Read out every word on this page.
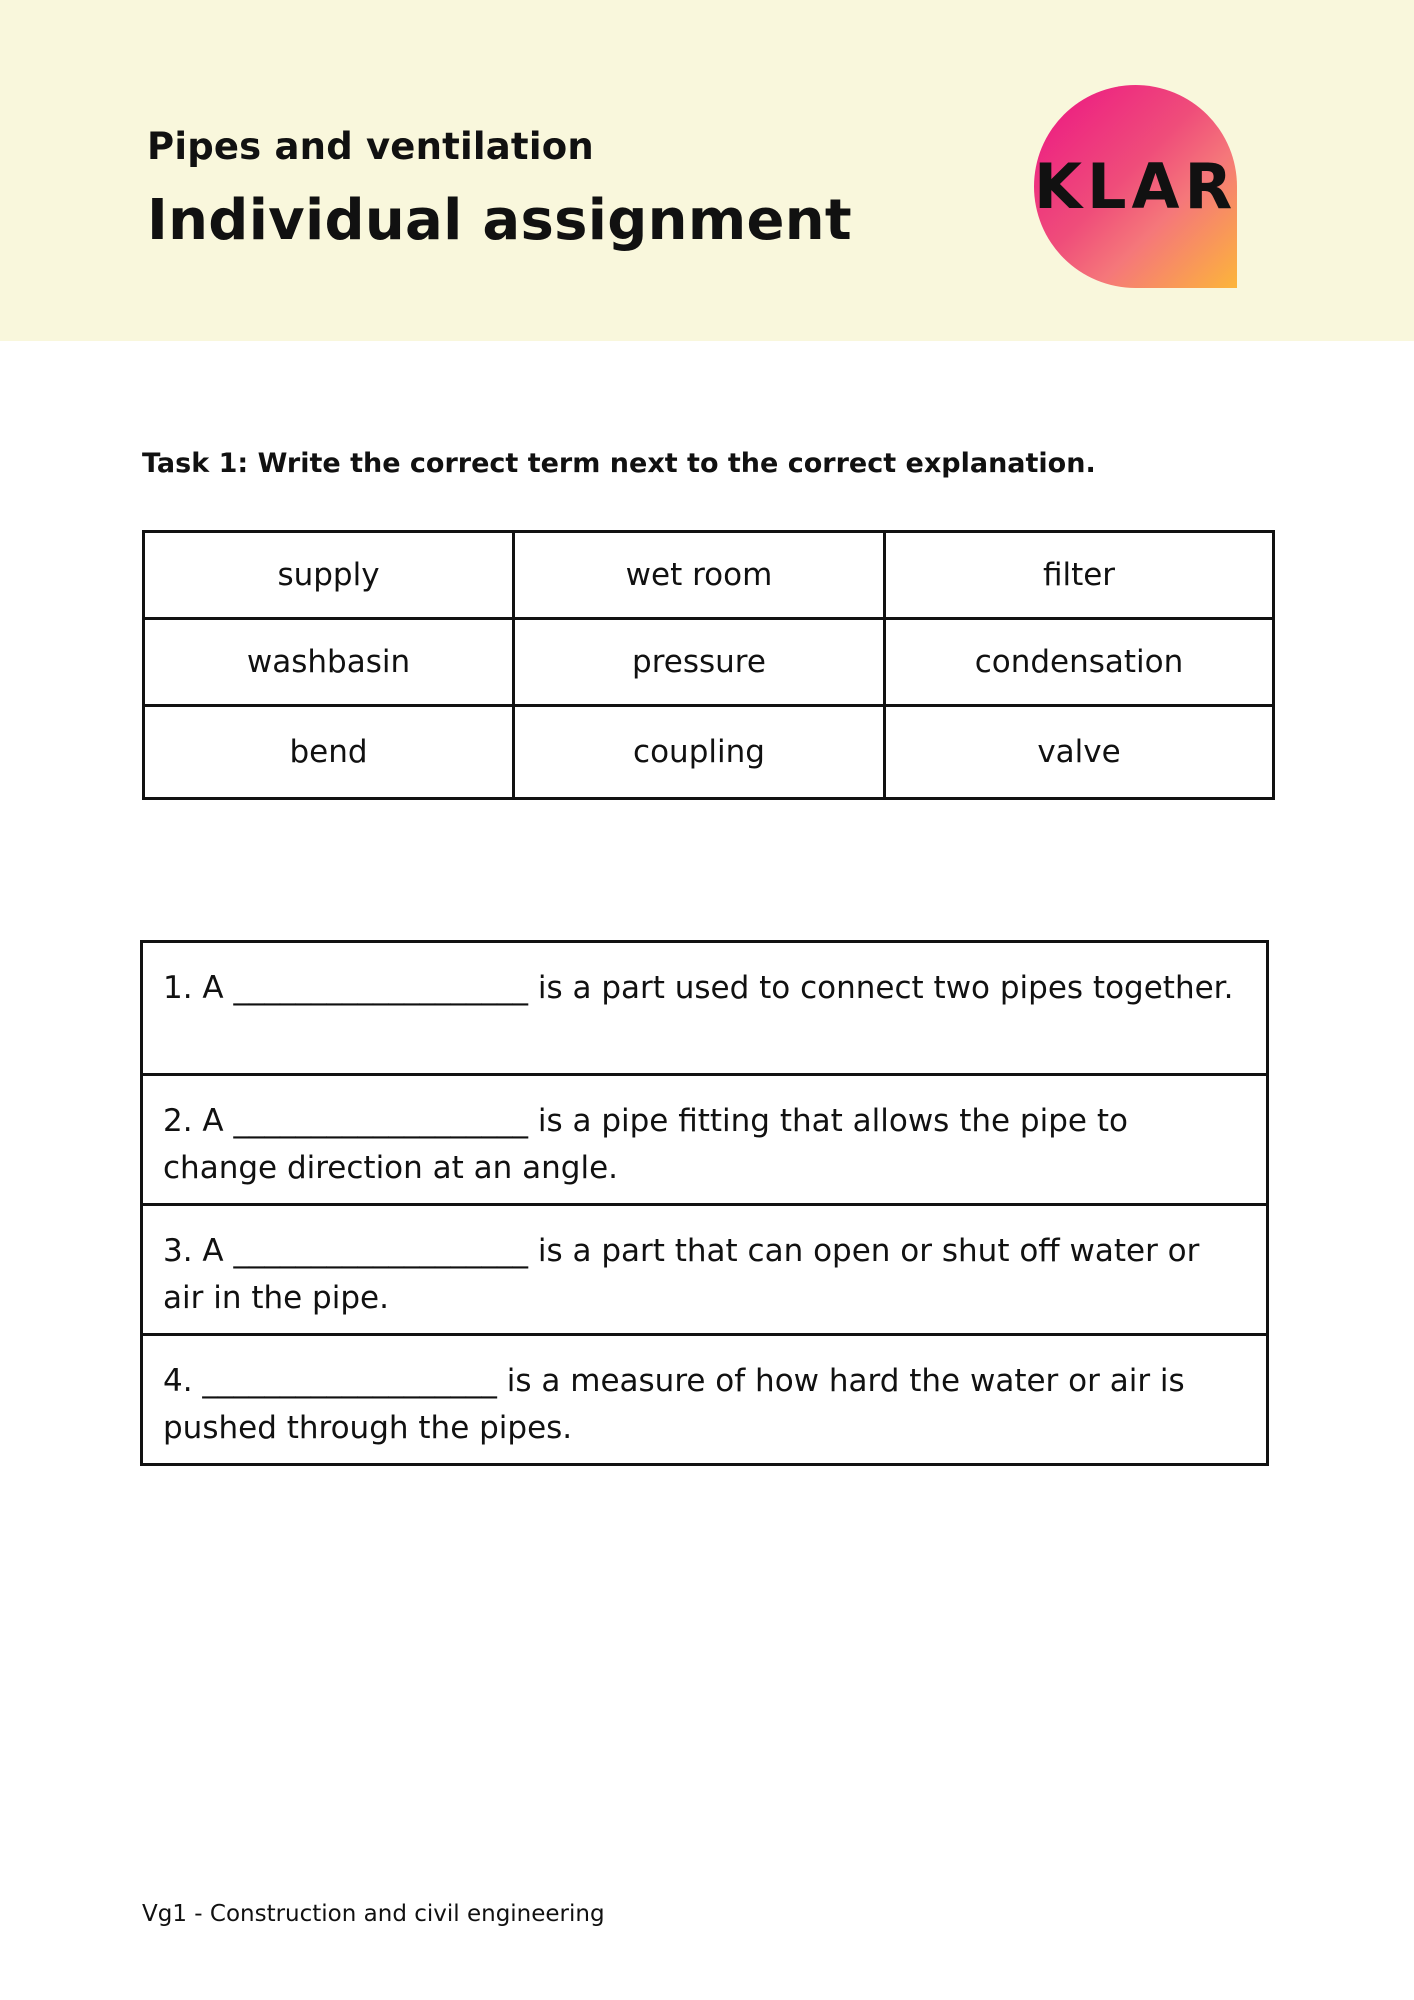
Pipes and ventilation
Individual assignment	KLAR
Task 1: Write the correct term next to the correct explanation.
supply	wet room	filter
washbasin	pressure	condensation
bend	coupling	valve
1. A ___________________ is a part used to connect two pipes together.
2. A ___________________ is a pipe fitting that allows the pipe to change direction at an angle.
3. A ___________________ is a part that can open or shut off water or air in the pipe.
4. ___________________ is a measure of how hard the water or air is pushed through the pipes.
Vg1 - Construction and civil engineering
